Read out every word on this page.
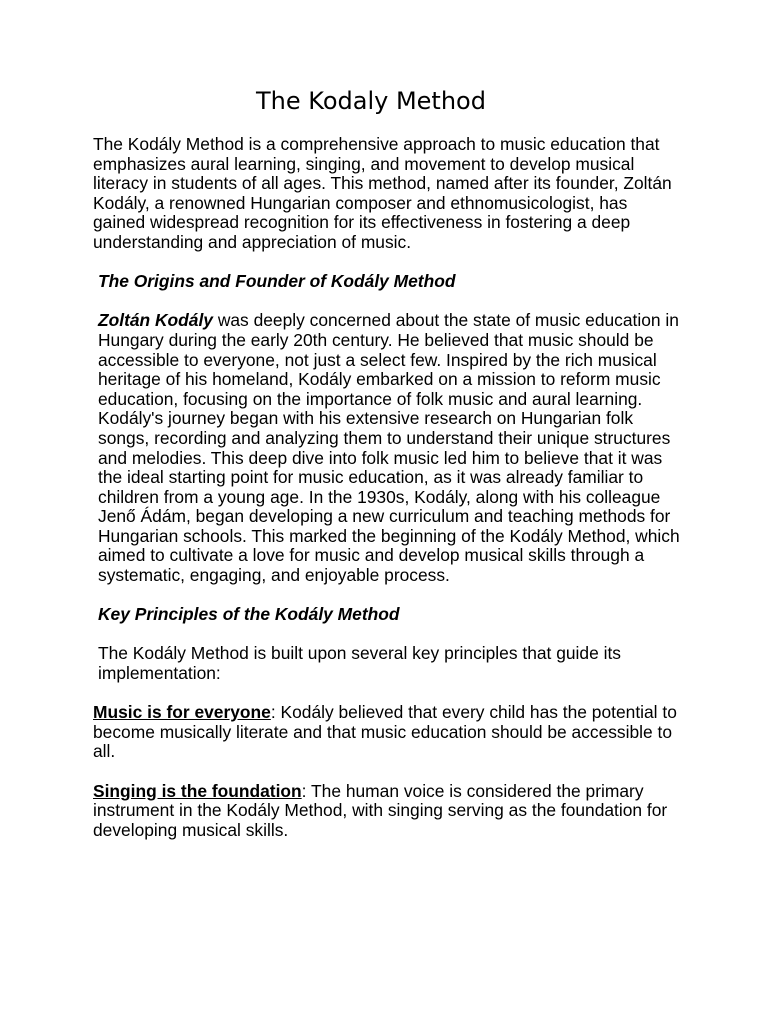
The Kodaly Method

The Kodály Method is a comprehensive approach to music education that emphasizes aural learning, singing, and movement to develop musical literacy in students of all ages. This method, named after its founder, Zoltán Kodály, a renowned Hungarian composer and ethnomusicologist, has gained widespread recognition for its effectiveness in fostering a deep understanding and appreciation of music.

The Origins and Founder of Kodály Method

Zoltán Kodály was deeply concerned about the state of music education in Hungary during the early 20th century. He believed that music should be accessible to everyone, not just a select few. Inspired by the rich musical heritage of his homeland, Kodály embarked on a mission to reform music education, focusing on the importance of folk music and aural learning. Kodály's journey began with his extensive research on Hungarian folk songs, recording and analyzing them to understand their unique structures and melodies. This deep dive into folk music led him to believe that it was the ideal starting point for music education, as it was already familiar to children from a young age. In the 1930s, Kodály, along with his colleague Jenő Ádám, began developing a new curriculum and teaching methods for Hungarian schools. This marked the beginning of the Kodály Method, which aimed to cultivate a love for music and develop musical skills through a systematic, engaging, and enjoyable process.

Key Principles of the Kodály Method

The Kodály Method is built upon several key principles that guide its implementation:

Music is for everyone: Kodály believed that every child has the potential to become musically literate and that music education should be accessible to all.

Singing is the foundation: The human voice is considered the primary instrument in the Kodály Method, with singing serving as the foundation for developing musical skills.
